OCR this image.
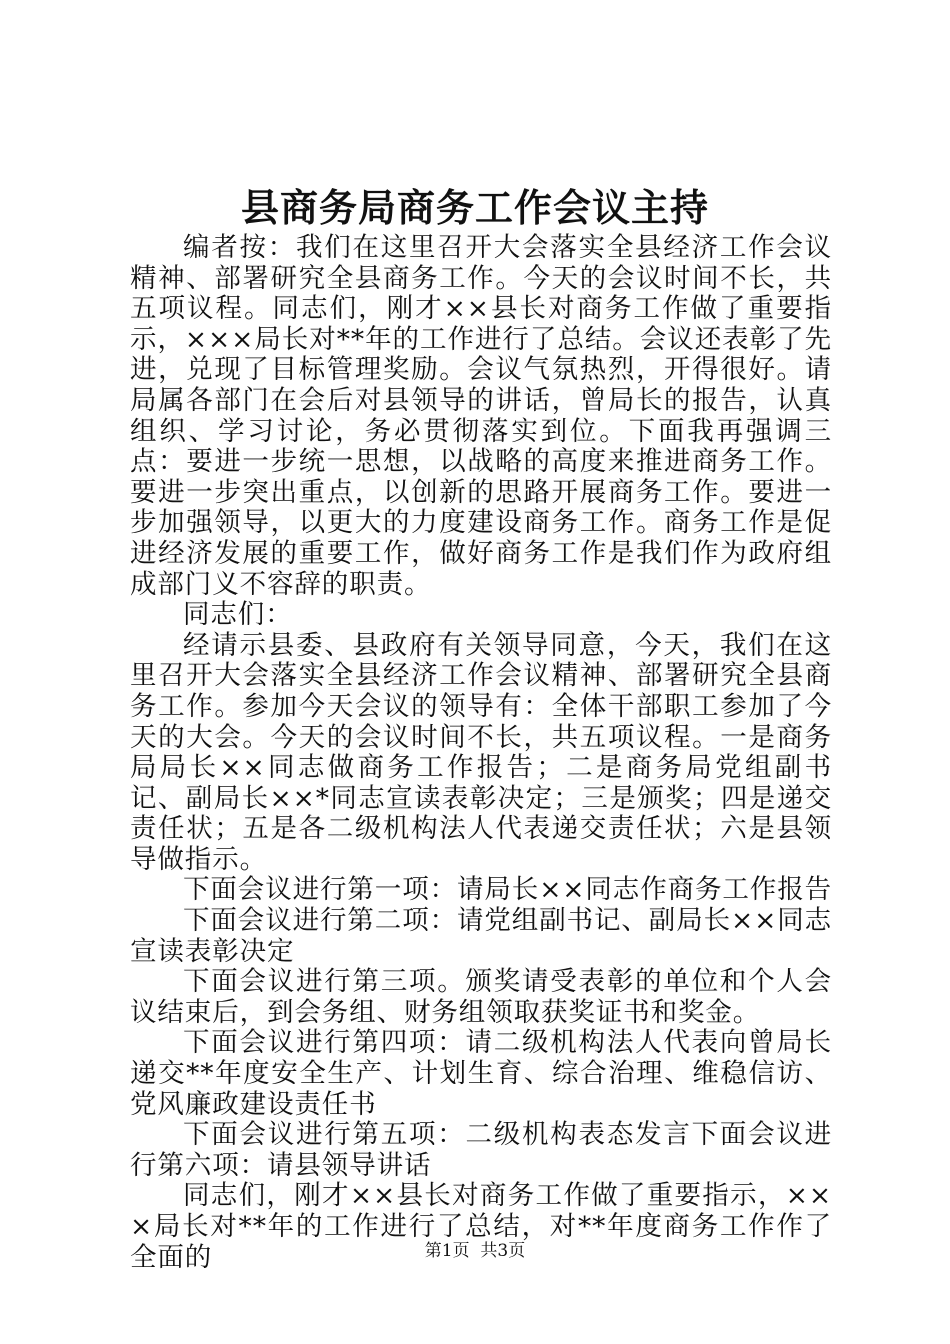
县商务局商务工作会议主持

编者按：我们在这里召开大会落实全县经济工作会议精神、部署研究全县商务工作。今天的会议时间不长，共五项议程。同志们，刚才××县长对商务工作做了重要指示，×××局长对**年的工作进行了总结。会议还表彰了先进，兑现了目标管理奖励。会议气氛热烈，开得很好。请局属各部门在会后对县领导的讲话，曾局长的报告，认真组织、学习讨论，务必贯彻落实到位。下面我再强调三点：要进一步统一思想，以战略的高度来推进商务工作。要进一步突出重点，以创新的思路开展商务工作。要进一步加强领导，以更大的力度建设商务工作。商务工作是促进经济发展的重要工作，做好商务工作是我们作为政府组成部门义不容辞的职责。

同志们：

经请示县委、县政府有关领导同意，今天，我们在这里召开大会落实全县经济工作会议精神、部署研究全县商务工作。参加今天会议的领导有：全体干部职工参加了今天的大会。今天的会议时间不长，共五项议程。一是商务局局长××同志做商务工作报告；二是商务局党组副书记、副局长××*同志宣读表彰决定；三是颁奖；四是递交责任状；五是各二级机构法人代表递交责任状；六是县领导做指示。

下面会议进行第一项：请局长××同志作商务工作报告

下面会议进行第二项：请党组副书记、副局长××同志宣读表彰决定

下面会议进行第三项。颁奖请受表彰的单位和个人会议结束后，到会务组、财务组领取获奖证书和奖金。

下面会议进行第四项：请二级机构法人代表向曾局长递交**年度安全生产、计划生育、综合治理、维稳信访、党风廉政建设责任书

下面会议进行第五项：二级机构表态发言下面会议进行第六项：请县领导讲话

同志们，刚才××县长对商务工作做了重要指示，×××局长对**年的工作进行了总结，对**年度商务工作作了全面的	第1页 共3页
